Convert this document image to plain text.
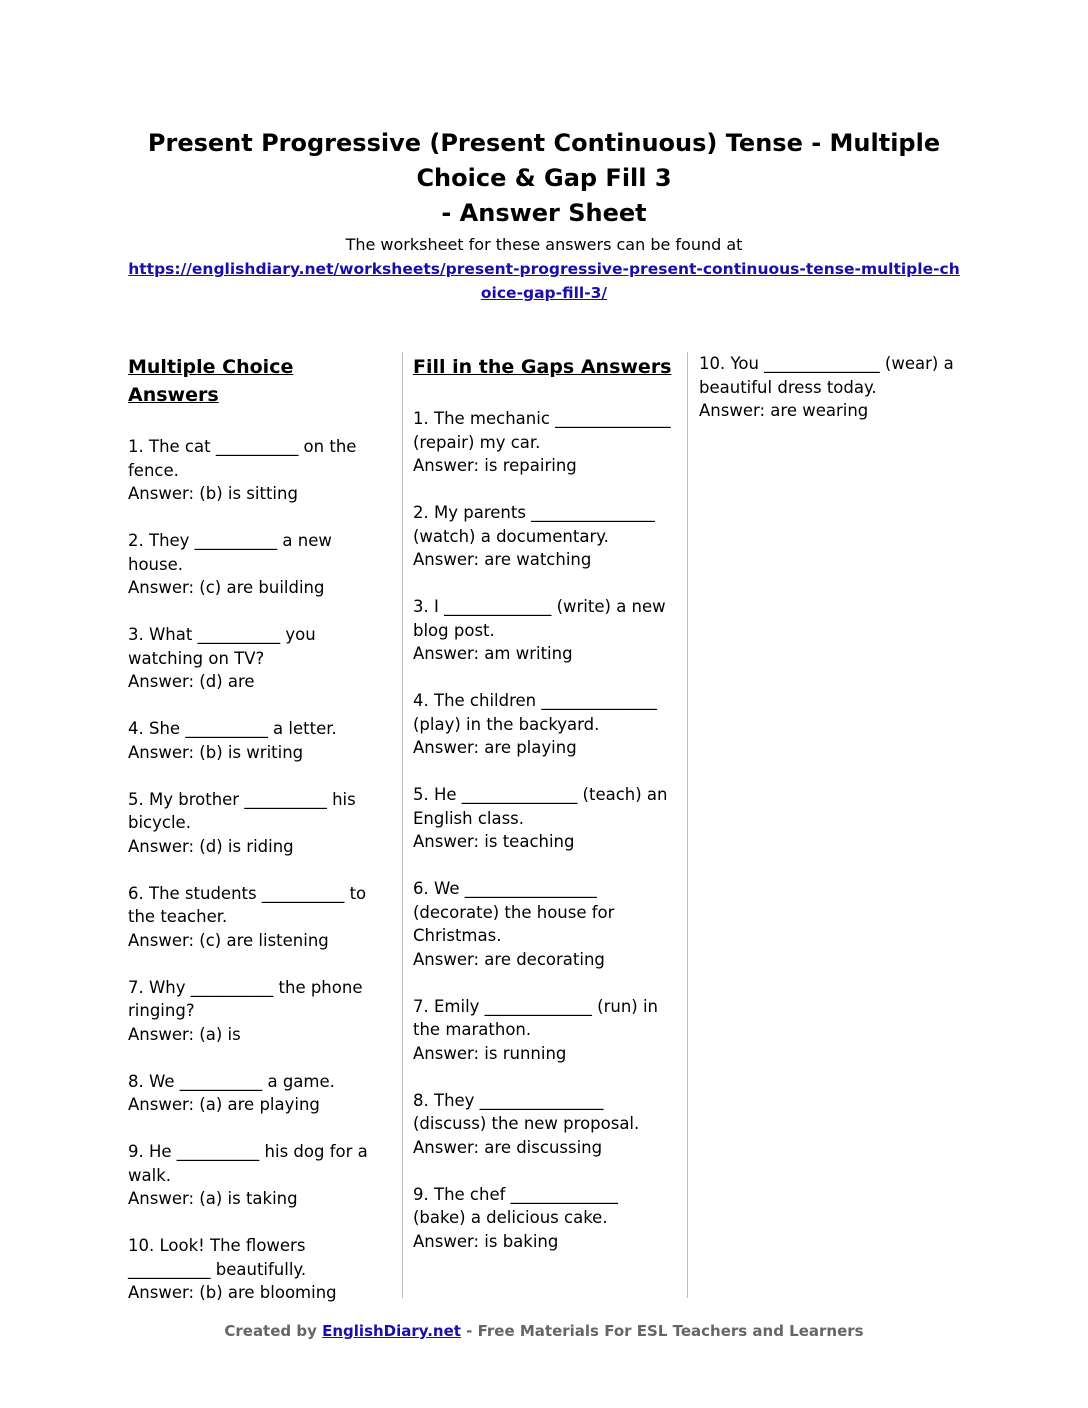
Present Progressive (Present Continuous) Tense - Multiple
Choice & Gap Fill 3
- Answer Sheet
The worksheet for these answers can be found at
https://englishdiary.net/worksheets/present-progressive-present-continuous-tense-multiple-choice-gap-fill-3/
Multiple Choice Answers
1. The cat __________ on the fence.
Answer: (b) is sitting
2. They __________ a new house.
Answer: (c) are building
3. What __________ you watching on TV?
Answer: (d) are
4. She __________ a letter.
Answer: (b) is writing
5. My brother __________ his bicycle.
Answer: (d) is riding
6. The students __________ to the teacher.
Answer: (c) are listening
7. Why __________ the phone ringing?
Answer: (a) is
8. We __________ a game.
Answer: (a) are playing
9. He __________ his dog for a walk.
Answer: (a) is taking
10. Look! The flowers __________ beautifully.
Answer: (b) are blooming
Fill in the Gaps Answers
1. The mechanic ______________ (repair) my car.
Answer: is repairing
2. My parents _______________ (watch) a documentary.
Answer: are watching
3. I _____________ (write) a new blog post.
Answer: am writing
4. The children ______________ (play) in the backyard.
Answer: are playing
5. He ______________ (teach) an English class.
Answer: is teaching
6. We ________________ (decorate) the house for Christmas.
Answer: are decorating
7. Emily _____________ (run) in the marathon.
Answer: is running
8. They _______________ (discuss) the new proposal.
Answer: are discussing
9. The chef _____________ (bake) a delicious cake.
Answer: is baking
10. You ______________ (wear) a beautiful dress today.
Answer: are wearing
Created by EnglishDiary.net - Free Materials For ESL Teachers and Learners
